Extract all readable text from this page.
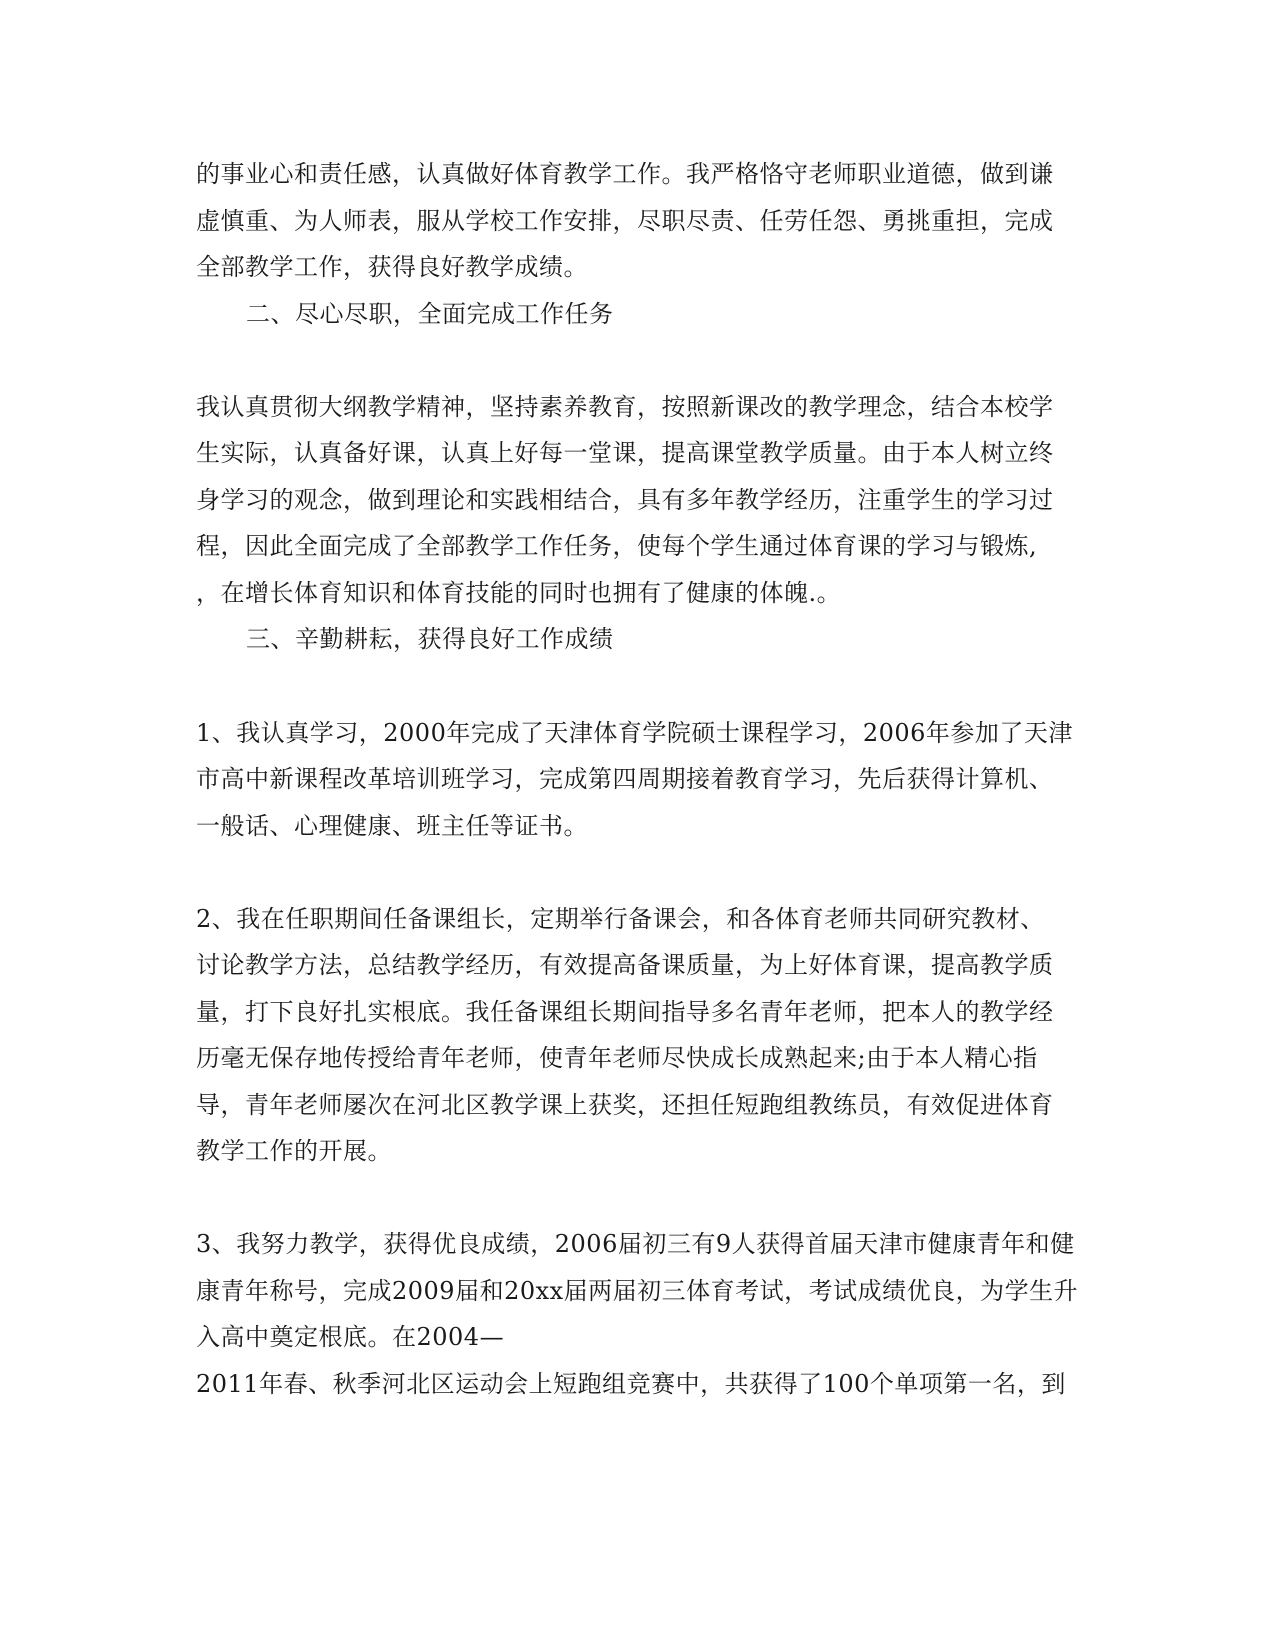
的事业心和责任感，认真做好体育教学工作。我严格恪守老师职业道德，做到谦
虚慎重、为人师表，服从学校工作安排，尽职尽责、任劳任怨、勇挑重担，完成
全部教学工作，获得良好教学成绩。
二、尽心尽职，全面完成工作任务
我认真贯彻大纲教学精神，坚持素养教育，按照新课改的教学理念，结合本校学
生实际，认真备好课，认真上好每一堂课，提高课堂教学质量。由于本人树立终
身学习的观念，做到理论和实践相结合，具有多年教学经历，注重学生的学习过
程，因此全面完成了全部教学工作任务，使每个学生通过体育课的学习与锻炼,
，在增长体育知识和体育技能的同时也拥有了健康的体魄.。
三、辛勤耕耘，获得良好工作成绩
1、我认真学习，2000年完成了天津体育学院硕士课程学习，2006年参加了天津
市高中新课程改革培训班学习，完成第四周期接着教育学习，先后获得计算机、
一般话、心理健康、班主任等证书。
2、我在任职期间任备课组长，定期举行备课会，和各体育老师共同研究教材、
讨论教学方法，总结教学经历，有效提高备课质量，为上好体育课，提高教学质
量，打下良好扎实根底。我任备课组长期间指导多名青年老师，把本人的教学经
历毫无保存地传授给青年老师，使青年老师尽快成长成熟起来;由于本人精心指
导，青年老师屡次在河北区教学课上获奖，还担任短跑组教练员，有效促进体育
教学工作的开展。
3、我努力教学，获得优良成绩，2006届初三有9人获得首届天津市健康青年和健
康青年称号，完成2009届和20xx届两届初三体育考试，考试成绩优良，为学生升
入高中奠定根底。在2004—
2011年春、秋季河北区运动会上短跑组竞赛中，共获得了100个单项第一名，到
